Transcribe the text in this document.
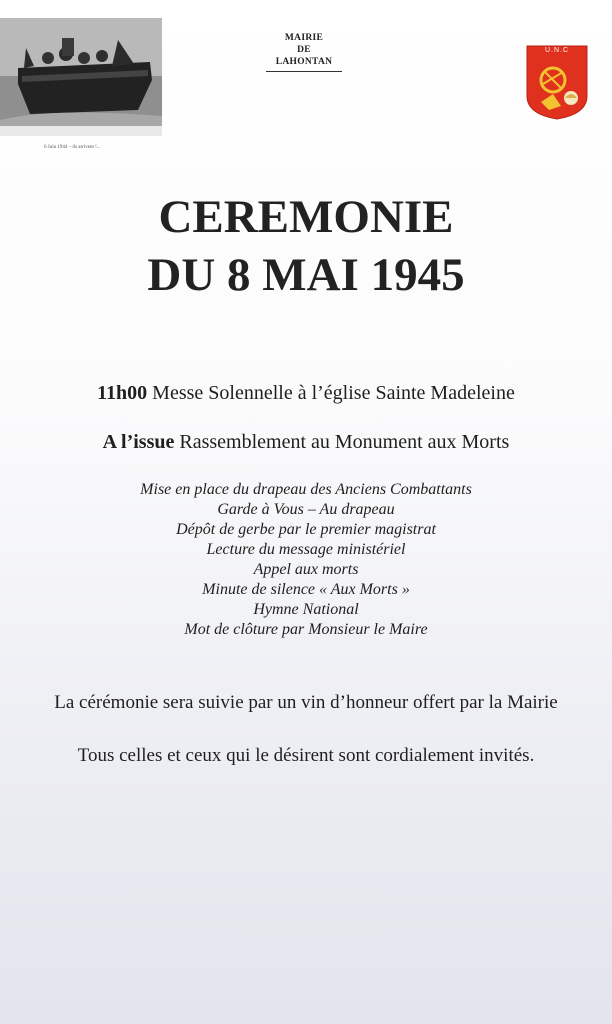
6 Juin 1944 – ils arrivent !...
MAIRIE
DE
LAHONTAN
U.N.C
CEREMONIE
DU 8 MAI 1945
11h00 Messe Solennelle à l’église Sainte Madeleine
A l’issue Rassemblement au Monument aux Morts
Mise en place du drapeau des Anciens Combattants
Garde à Vous – Au drapeau
Dépôt de gerbe par le premier magistrat
Lecture du message ministériel
Appel aux morts
Minute de silence « Aux Morts »
Hymne National
Mot de clôture par Monsieur le Maire
La cérémonie sera suivie par un vin d’honneur offert par la Mairie
Tous celles et ceux qui le désirent sont cordialement invités.
